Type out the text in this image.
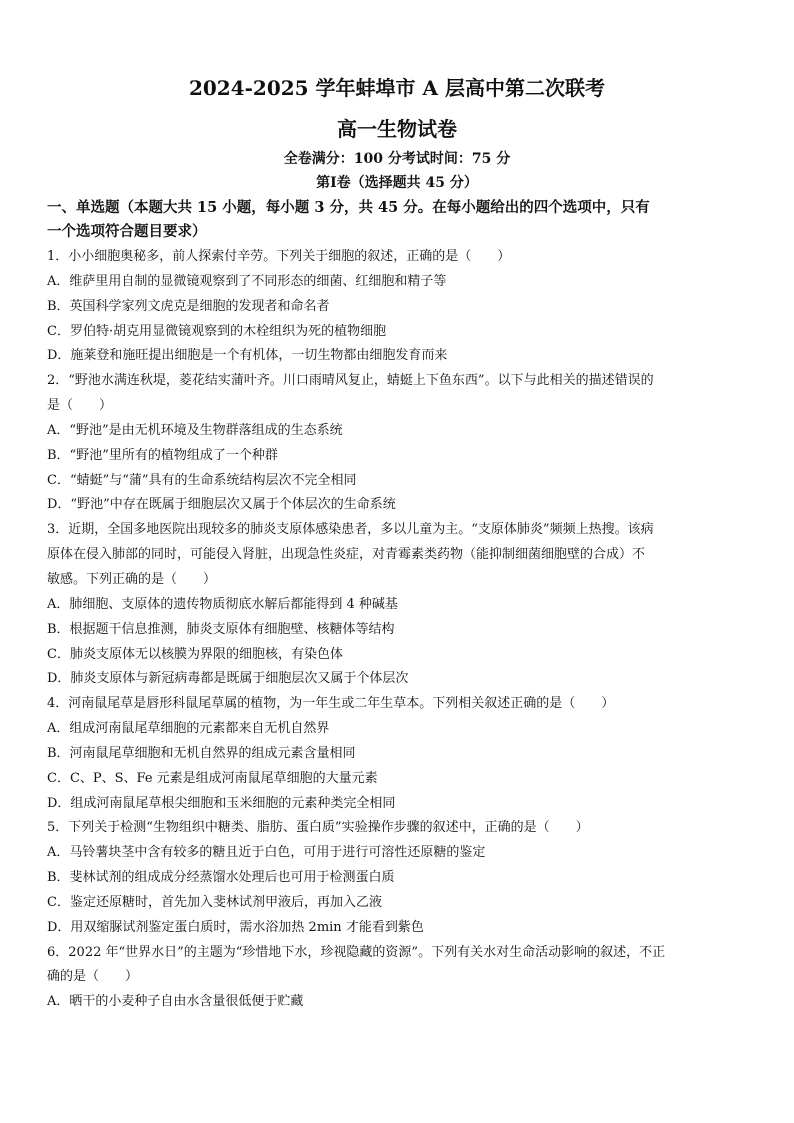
2024-2025 学年蚌埠市 A 层高中第二次联考
高一生物试卷
全卷满分：100 分考试时间：75 分
第Ⅰ卷（选择题共 45 分）
一、单选题（本题大共 15 小题，每小题 3 分，共 45 分。在每小题给出的四个选项中，只有
一个选项符合题目要求）
1．小小细胞奥秘多，前人探索付辛劳。下列关于细胞的叙述，正确的是（　　）
A．维萨里用自制的显微镜观察到了不同形态的细菌、红细胞和精子等
B．英国科学家列文虎克是细胞的发现者和命名者
C．罗伯特·胡克用显微镜观察到的木栓组织为死的植物细胞
D．施莱登和施旺提出细胞是一个有机体，一切生物都由细胞发育而来
2．“野池水满连秋堤，菱花结实蒲叶齐。川口雨晴风复止，蜻蜓上下鱼东西”。以下与此相关的描述错误的
是（　　）
A．“野池”是由无机环境及生物群落组成的生态系统
B．“野池”里所有的植物组成了一个种群
C．“蜻蜓”与“蒲”具有的生命系统结构层次不完全相同
D．“野池”中存在既属于细胞层次又属于个体层次的生命系统
3．近期，全国多地医院出现较多的肺炎支原体感染患者，多以儿童为主。“支原体肺炎”频频上热搜。该病
原体在侵入肺部的同时，可能侵入肾脏，出现急性炎症，对青霉素类药物（能抑制细菌细胞壁的合成）不
敏感。下列正确的是（　　）
A．肺细胞、支原体的遗传物质彻底水解后都能得到 4 种碱基
B．根据题干信息推测，肺炎支原体有细胞壁、核糖体等结构
C．肺炎支原体无以核膜为界限的细胞核，有染色体
D．肺炎支原体与新冠病毒都是既属于细胞层次又属于个体层次
4．河南鼠尾草是唇形科鼠尾草属的植物，为一年生或二年生草本。下列相关叙述正确的是（　　）
A．组成河南鼠尾草细胞的元素都来自无机自然界
B．河南鼠尾草细胞和无机自然界的组成元素含量相同
C．C、P、S、Fe 元素是组成河南鼠尾草细胞的大量元素
D．组成河南鼠尾草根尖细胞和玉米细胞的元素种类完全相同
5．下列关于检测“生物组织中糖类、脂肪、蛋白质”实验操作步骤的叙述中，正确的是（　　）
A．马铃薯块茎中含有较多的糖且近于白色，可用于进行可溶性还原糖的鉴定
B．斐林试剂的组成成分经蒸馏水处理后也可用于检测蛋白质
C．鉴定还原糖时，首先加入斐林试剂甲液后，再加入乙液
D．用双缩脲试剂鉴定蛋白质时，需水浴加热 2min 才能看到紫色
6．2022 年“世界水日”的主题为“珍惜地下水，珍视隐藏的资源”。下列有关水对生命活动影响的叙述，不正
确的是（　　）
A．晒干的小麦种子自由水含量很低便于贮藏
